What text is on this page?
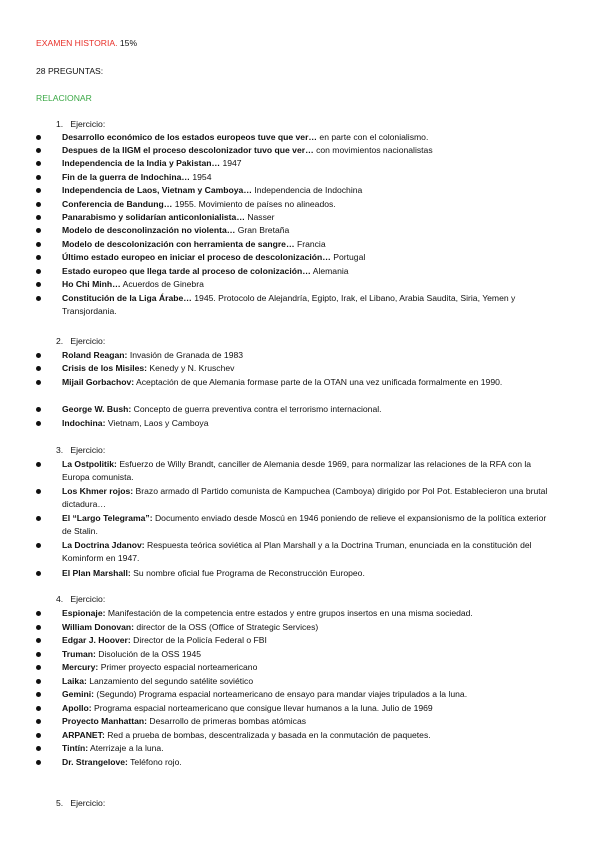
EXAMEN HISTORIA. 15%
28 PREGUNTAS:
RELACIONAR
1. Ejercicio:
Desarrollo económico de los estados europeos tuve que ver… en parte con el colonialismo.
Despues de la IIGM el proceso descolonizador tuvo que ver… con movimientos nacionalistas
Independencia de la India y Pakistan… 1947
Fin de la guerra de Indochina… 1954
Independencia de Laos, Vietnam y Camboya… Independencia de Indochina
Conferencia de Bandung… 1955. Movimiento de países no alineados.
Panarabismo y solidarían anticonlonialista… Nasser
Modelo de desconolinzación no violenta… Gran Bretaña
Modelo de descolonización con herramienta de sangre… Francia
Último estado europeo en iniciar el proceso de descolonización… Portugal
Estado europeo que llega tarde al proceso de colonización… Alemania
Ho Chi Minh… Acuerdos de Ginebra
Constitución de la Liga Árabe… 1945. Protocolo de Alejandría, Egipto, Irak, el Libano, Arabia Saudita, Siria, Yemen y Transjordania.
2. Ejercicio:
Roland Reagan: Invasión de Granada de 1983
Crisis de los Misiles: Kenedy y N. Kruschev
Mijail Gorbachov: Aceptación de que Alemania formase parte de la OTAN una vez unificada formalmente en 1990.
George W. Bush: Concepto de guerra preventiva contra el terrorismo internacional.
Indochina: Vietnam, Laos y Camboya
3. Ejercicio:
La Ostpolitik: Esfuerzo de Willy Brandt, canciller de Alemania desde 1969, para normalizar las relaciones de la RFA con la Europa comunista.
Los Khmer rojos: Brazo armado dl Partido comunista de Kampuchea (Camboya) dirigido por Pol Pot. Establecieron una brutal dictadura…
El “Largo Telegrama”: Documento enviado desde Moscú en 1946 poniendo de relieve el expansionismo de la política exterior de Stalin.
La Doctrina Jdanov: Respuesta teórica soviética al Plan Marshall y a la Doctrina Truman, enunciada en la constitución del Kominform en 1947.
El Plan Marshall: Su nombre oficial fue Programa de Reconstrucción Europeo.
4. Ejercicio:
Espionaje: Manifestación de la competencia entre estados y entre grupos insertos en una misma sociedad.
William Donovan: director de la OSS (Office of Strategic Services)
Edgar J. Hoover: Director de la Policía Federal o FBI
Truman: Disolución de la OSS 1945
Mercury: Primer proyecto espacial norteamericano
Laika: Lanzamiento del segundo satélite soviético
Gemini: (Segundo) Programa espacial norteamericano de ensayo para mandar viajes tripulados a la luna.
Apollo: Programa espacial norteamericano que consigue llevar humanos a la luna. Julio de 1969
Proyecto Manhattan: Desarrollo de primeras bombas atómicas
ARPANET: Red a prueba de bombas, descentralizada y basada en la conmutación de paquetes.
Tintín: Aterrizaje a la luna.
Dr. Strangelove: Teléfono rojo.
5. Ejercicio:
